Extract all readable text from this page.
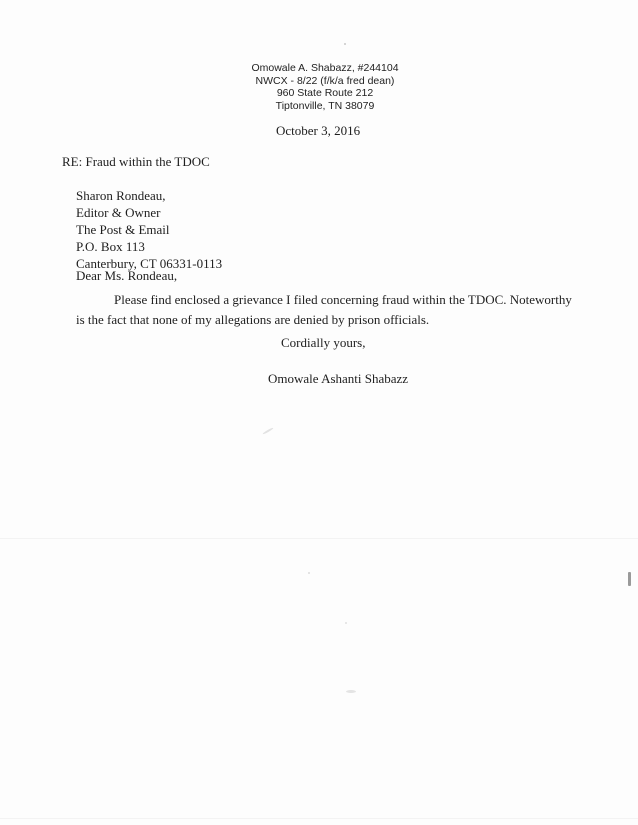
Omowale A. Shabazz, #244104
NWCX - 8/22 (f/k/a fred dean)
960 State Route 212
Tiptonville, TN 38079
October 3, 2016
RE: Fraud within the TDOC
Sharon Rondeau,
Editor & Owner
The Post & Email
P.O. Box 113
Canterbury, CT 06331-0113
Dear Ms. Rondeau,
Please find enclosed a grievance I filed concerning fraud within the TDOC. Noteworthy
is the fact that none of my allegations are denied by prison officials.
Cordially yours,
Omowale Ashanti Shabazz
